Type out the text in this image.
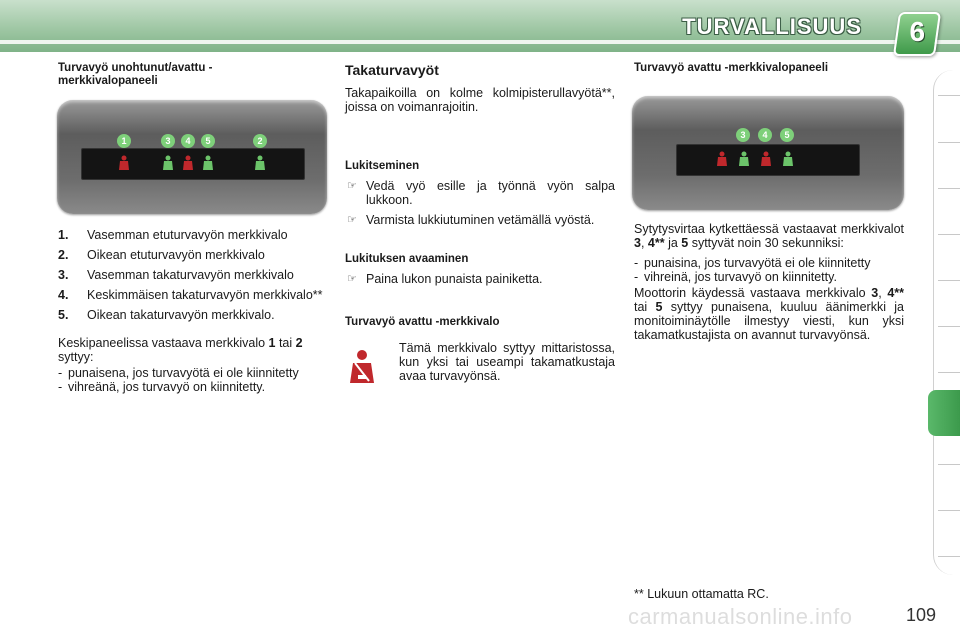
TURVALLISUUS	6
Turvavyö unohtunut/avattu - merkkivalopaneeli
1	3	4	5	2
1. Vasemman etuturvavyön merkkivalo
2. Oikean etuturvavyön merkkivalo
3. Vasemman takaturvavyön merkkivalo
4. Keskimmäisen takaturvavyön merkkivalo**
5. Oikean takaturvavyön merkkivalo.

Keskipaneelissa vastaava merkkivalo 1 tai 2 syttyy:

- punaisena, jos turvavyötä ei ole kiinnitetty
- vihreänä, jos turvavyö on kiinnitetty.
Takaturvavyöt

Takapaikoilla on kolme kolmipisterullavyötä**, joissa on voimanrajoitin.

Lukitseminen
☞ Vedä vyö esille ja työnnä vyön salpa lukkoon.
☞ Varmista lukkiutuminen vetämällä vyöstä.
Lukituksen avaaminen
☞ Paina lukon punaista painiketta.
Turvavyö avattu -merkkivalo

Tämä merkkivalo syttyy mittaristossa, kun yksi tai useampi takamatkustaja avaa turvavyönsä.

Turvavyö avattu -merkkivalopaneeli
3	4	5

Sytytysvirtaa kytkettäessä vastaavat merkkivalot 3, 4** ja 5 syttyvät noin 30 sekunniksi:

- punaisina, jos turvavyötä ei ole kiinnitetty
- vihreinä, jos turvavyö on kiinnitetty.

Moottorin käydessä vastaava merkkivalo 3, 4** tai 5 syttyy punaisena, kuuluu äänimerkki ja monitoiminäytölle ilmestyy viesti, kun yksi takamatkustajista on avannut turvavyönsä.

** Lukuun ottamatta RC.

carmanualsonline.info	109
